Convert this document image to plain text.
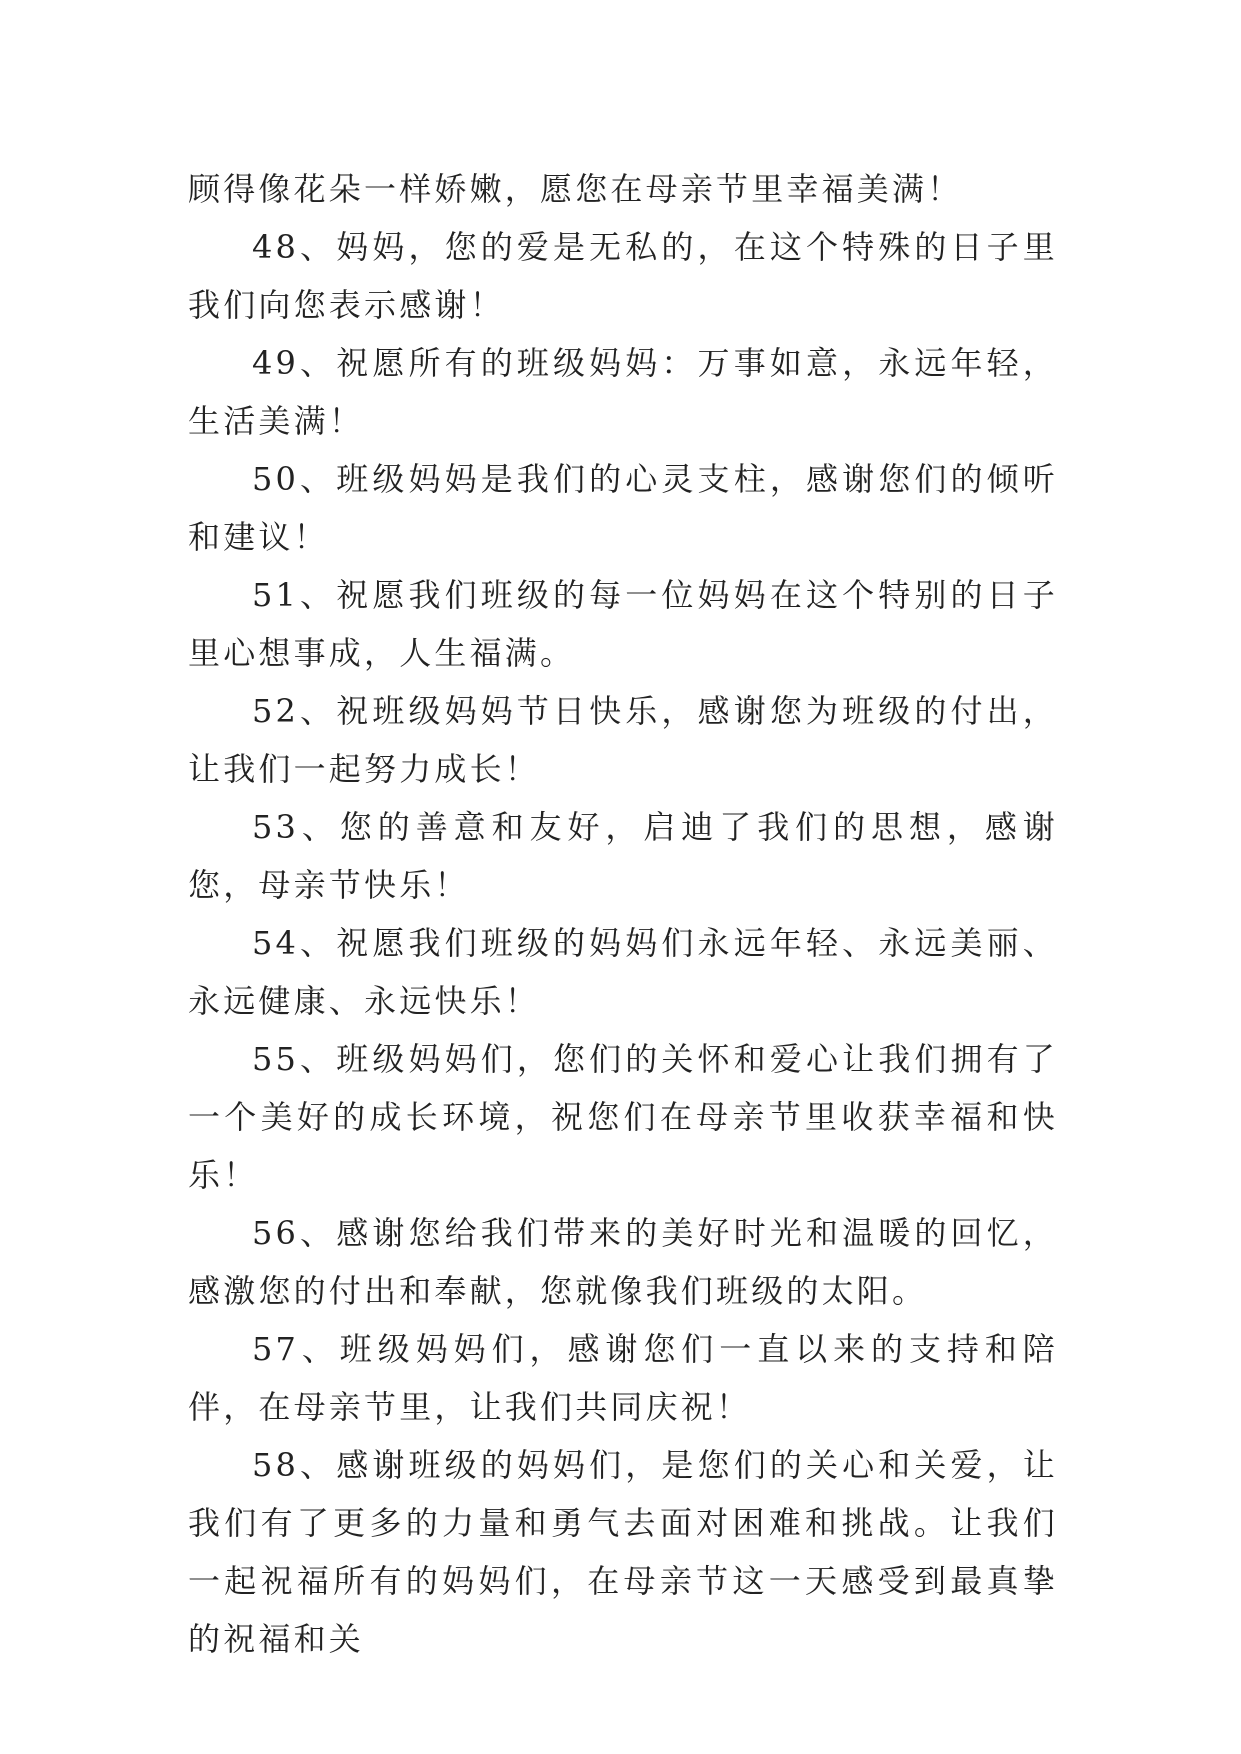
顾得像花朵一样娇嫩，愿您在母亲节里幸福美满！

48、妈妈，您的爱是无私的，在这个特殊的日子里我们向您表示感谢！

49、祝愿所有的班级妈妈：万事如意，永远年轻，生活美满！

50、班级妈妈是我们的心灵支柱，感谢您们的倾听和建议！

51、祝愿我们班级的每一位妈妈在这个特别的日子里心想事成，人生福满。

52、祝班级妈妈节日快乐，感谢您为班级的付出，让我们一起努力成长！

53、您的善意和友好，启迪了我们的思想，感谢您，母亲节快乐！

54、祝愿我们班级的妈妈们永远年轻、永远美丽、永远健康、永远快乐！

55、班级妈妈们，您们的关怀和爱心让我们拥有了一个美好的成长环境，祝您们在母亲节里收获幸福和快乐！

56、感谢您给我们带来的美好时光和温暖的回忆，感激您的付出和奉献，您就像我们班级的太阳。

57、班级妈妈们，感谢您们一直以来的支持和陪伴，在母亲节里，让我们共同庆祝！

58、感谢班级的妈妈们，是您们的关心和关爱，让我们有了更多的力量和勇气去面对困难和挑战。让我们一起祝福所有的妈妈们，在母亲节这一天感受到最真挚的祝福和关
